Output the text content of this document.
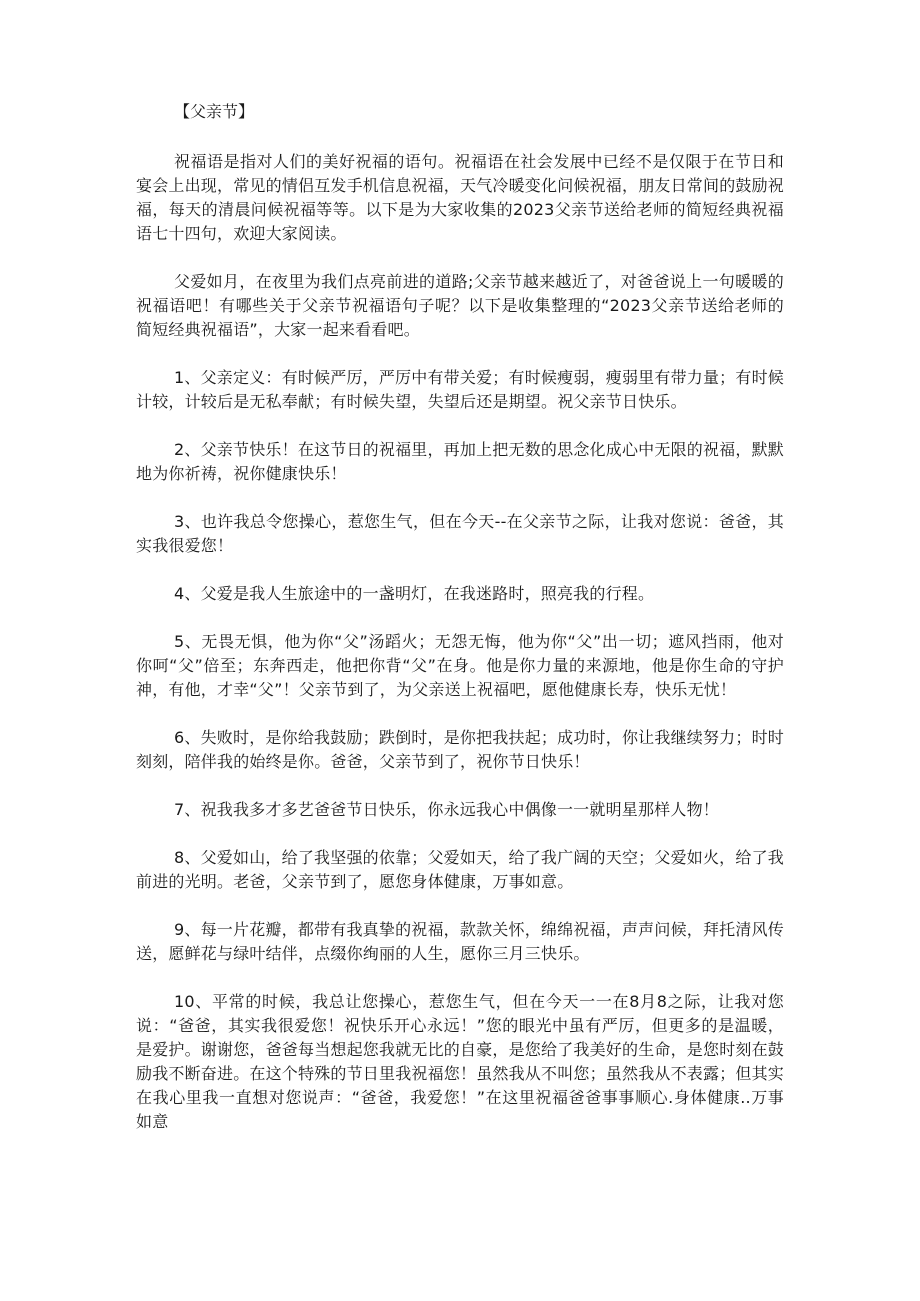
【父亲节】

祝福语是指对人们的美好祝福的语句。祝福语在社会发展中已经不是仅限于在节日和宴会上出现，常见的情侣互发手机信息祝福，天气冷暖变化问候祝福，朋友日常间的鼓励祝福，每天的清晨问候祝福等等。以下是为大家收集的2023父亲节送给老师的简短经典祝福语七十四句，欢迎大家阅读。

父爱如月，在夜里为我们点亮前进的道路;父亲节越来越近了，对爸爸说上一句暖暖的祝福语吧！有哪些关于父亲节祝福语句子呢？以下是收集整理的“2023父亲节送给老师的简短经典祝福语”，大家一起来看看吧。

1、父亲定义：有时候严厉，严厉中有带关爱；有时候瘦弱，瘦弱里有带力量；有时候计较，计较后是无私奉献；有时候失望，失望后还是期望。祝父亲节日快乐。

2、父亲节快乐！在这节日的祝福里，再加上把无数的思念化成心中无限的祝福，默默地为你祈祷，祝你健康快乐！

3、也许我总令您操心，惹您生气，但在今天--在父亲节之际，让我对您说：爸爸，其实我很爱您！

4、父爱是我人生旅途中的一盏明灯，在我迷路时，照亮我的行程。

5、无畏无惧，他为你“父”汤蹈火；无怨无悔，他为你“父”出一切；遮风挡雨，他对你呵“父”倍至；东奔西走，他把你背“父”在身。他是你力量的来源地，他是你生命的守护神，有他，才幸“父”！父亲节到了，为父亲送上祝福吧，愿他健康长寿，快乐无忧！

6、失败时，是你给我鼓励；跌倒时，是你把我扶起；成功时，你让我继续努力；时时刻刻，陪伴我的始终是你。爸爸，父亲节到了，祝你节日快乐！

7、祝我我多才多艺爸爸节日快乐，你永远我心中偶像一一就明星那样人物！

8、父爱如山，给了我坚强的依靠；父爱如天，给了我广阔的天空；父爱如火，给了我前进的光明。老爸，父亲节到了，愿您身体健康，万事如意。

9、每一片花瓣，都带有我真挚的祝福，款款关怀，绵绵祝福，声声问候，拜托清风传送，愿鲜花与绿叶结伴，点缀你绚丽的人生，愿你三月三快乐。

10、平常的时候，我总让您操心，惹您生气，但在今天一一在8月8之际，让我对您说：“爸爸，其实我很爱您！祝快乐开心永远！”您的眼光中虽有严厉，但更多的是温暖，是爱护。谢谢您，爸爸每当想起您我就无比的自豪，是您给了我美好的生命，是您时刻在鼓励我不断奋进。在这个特殊的节日里我祝福您！虽然我从不叫您；虽然我从不表露；但其实在我心里我一直想对您说声：“爸爸，我爱您！”在这里祝福爸爸事事顺心.身体健康..万事如意
